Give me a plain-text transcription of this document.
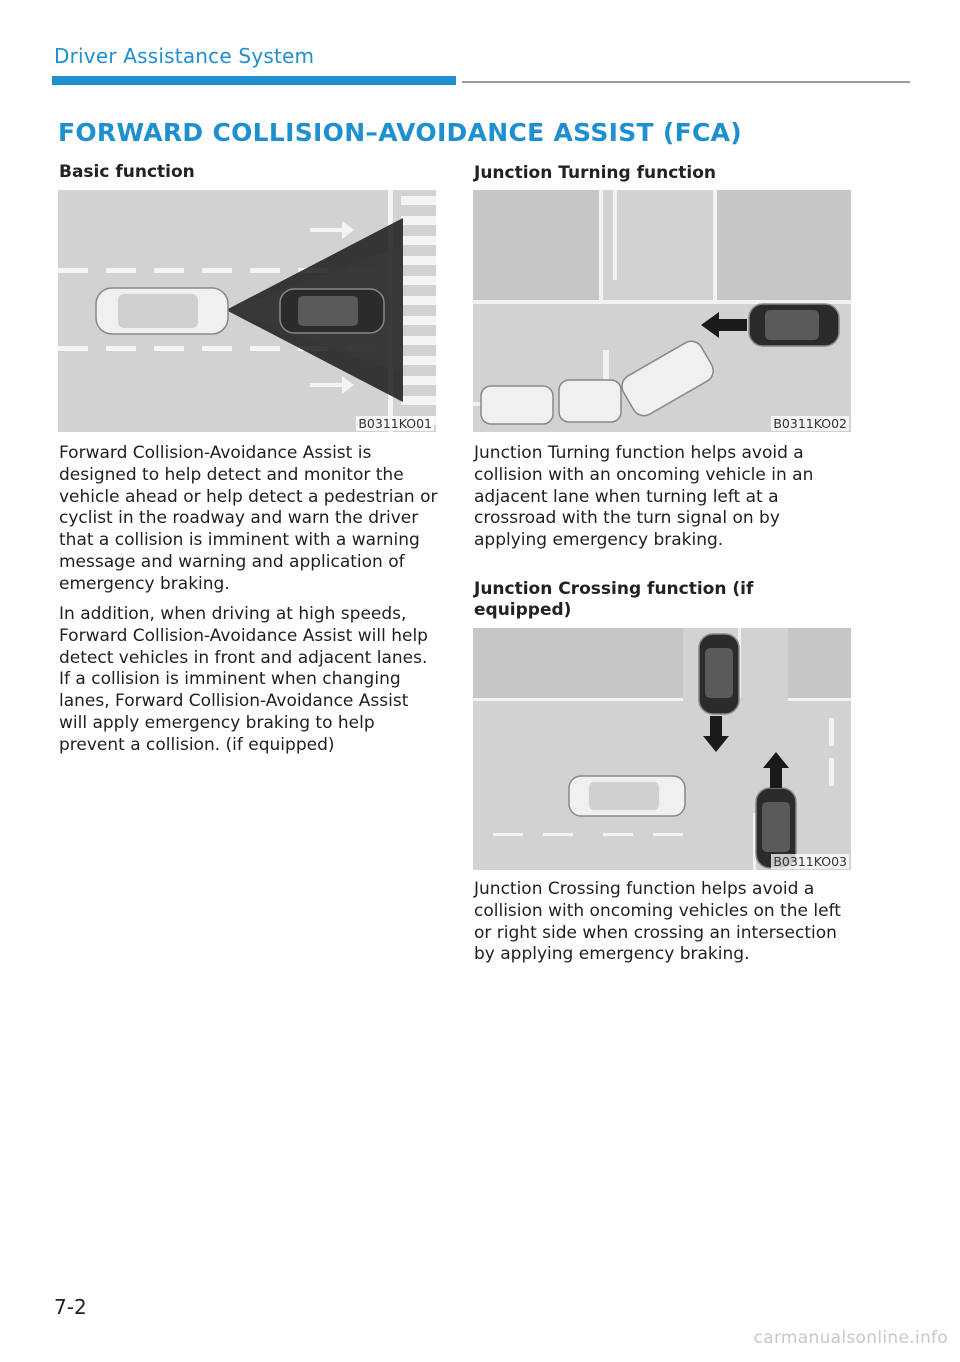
Driver Assistance System
FORWARD COLLISION–AVOIDANCE ASSIST (FCA)
Basic function
B0311KO01

Forward Collision-Avoidance Assist is designed to help detect and monitor the vehicle ahead or help detect a pedestrian or cyclist in the roadway and warn the driver that a collision is imminent with a warning message and warning and application of emergency braking.

In addition, when driving at high speeds, Forward Collision-Avoidance Assist will help detect vehicles in front and adjacent lanes. If a collision is imminent when changing lanes, Forward Collision-Avoidance Assist will apply emergency braking to help prevent a collision. (if equipped)

Junction Turning function
B0311KO02

Junction Turning function helps avoid a collision with an oncoming vehicle in an adjacent lane when turning left at a crossroad with the turn signal on by applying emergency braking.

Junction Crossing function (if equipped)
B0311KO03

Junction Crossing function helps avoid a collision with oncoming vehicles on the left or right side when crossing an intersection by applying emergency braking.

7-2
carmanualsonline.info
